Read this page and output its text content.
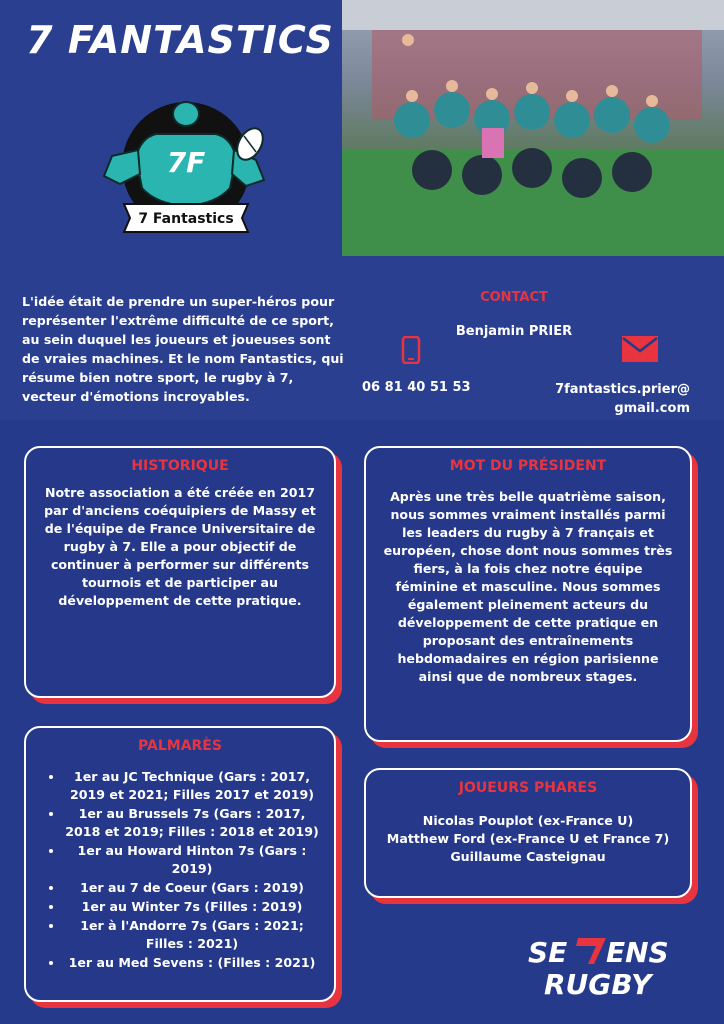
7 FANTASTICS
7F
7 Fantastics
L'idée était de prendre un super-héros pour représenter l'extrême difficulté de ce sport, au sein duquel les joueurs et joueuses sont de vraies machines. Et le nom Fantastics, qui résume bien notre sport, le rugby à 7, vecteur d'émotions incroyables.
CONTACT
Benjamin PRIER
06 81 40 51 53	7fantastics.prier@
gmail.com
HISTORIQUE
Notre association a été créée en 2017 par d'anciens coéquipiers de Massy et de l'équipe de France Universitaire de rugby à 7. Elle a pour objectif de continuer à performer sur différents tournois et de participer au développement de cette pratique.
MOT DU PRÉSIDENT
Après une très belle quatrième saison, nous sommes vraiment installés parmi les leaders du rugby à 7 français et européen, chose dont nous sommes très fiers, à la fois chez notre équipe féminine et masculine. Nous sommes également pleinement acteurs du développement de cette pratique en proposant des entraînements hebdomadaires en région parisienne ainsi que de nombreux stages.
PALMARÈS
• 1er au JC Technique (Gars : 2017, 2019 et 2021; Filles 2017 et 2019)
• 1er au Brussels 7s (Gars : 2017, 2018 et 2019; Filles : 2018 et 2019)
• 1er au Howard Hinton 7s (Gars : 2019)
• 1er au 7 de Coeur (Gars : 2019)
• 1er au Winter 7s (Filles : 2019)
• 1er à l'Andorre 7s (Gars : 2021; Filles : 2021)
• 1er au Med Sevens : (Filles : 2021)
JOUEURS PHARES
Nicolas Pouplot (ex-France U)
Matthew Ford (ex-France U et France 7)
Guillaume Casteignau
SE ENS
RUGBY
